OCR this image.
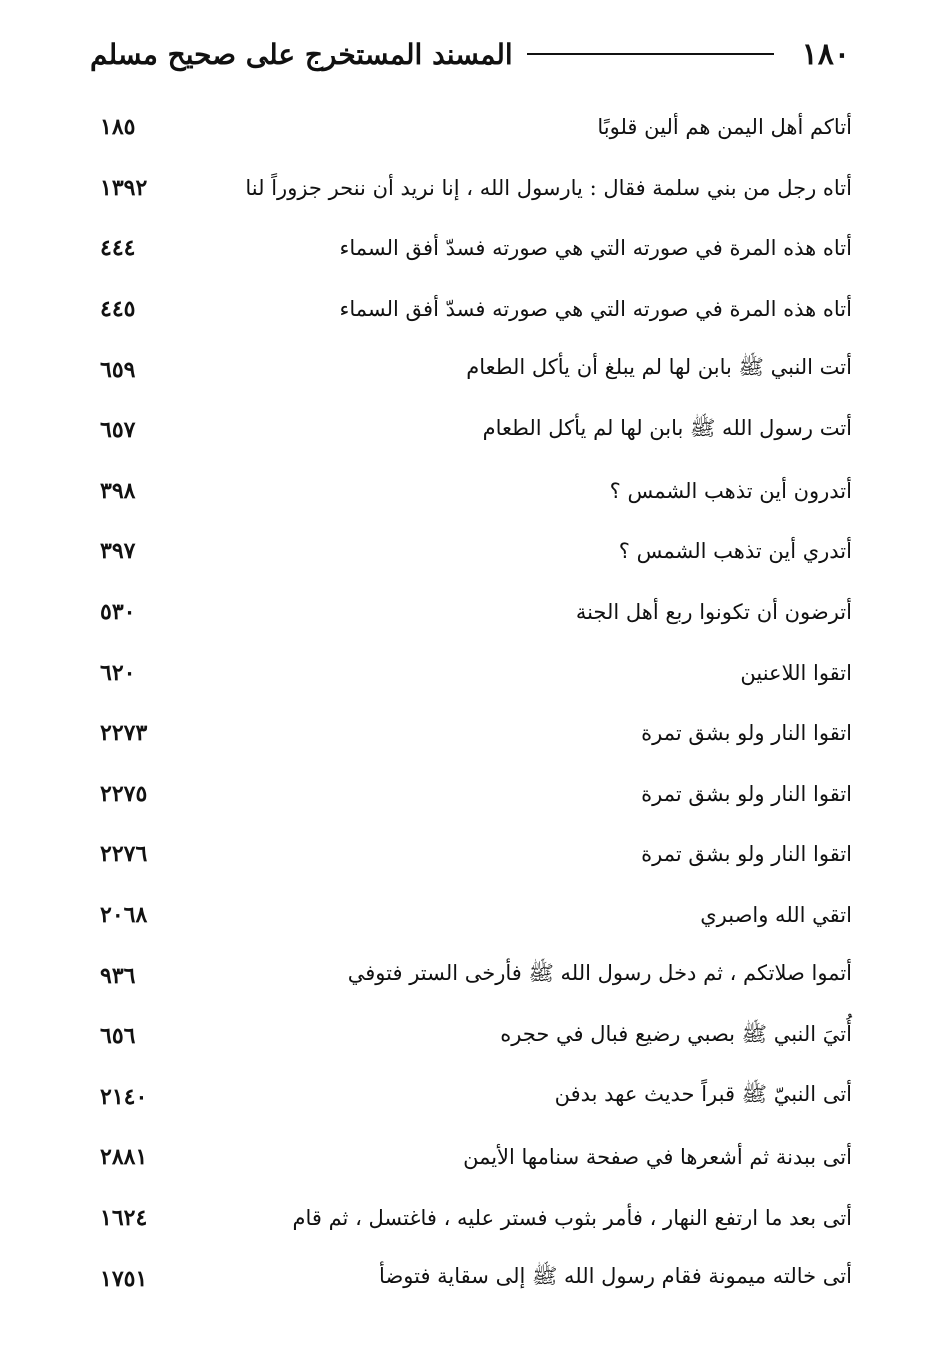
١٨٠
المسند المستخرج على صحيح مسلم
أتاكم أهل اليمن هم ألين قلوبًا
١٨٥
أتاه رجل من بني سلمة فقال : يارسول الله ، إنا نريد أن ننحر جزوراً لنا
١٣٩٢
أتاه هذه المرة في صورته التي هي صورته فسدّ أفق السماء
٤٤٤
أتاه هذه المرة في صورته التي هي صورته فسدّ أفق السماء
٤٤٥
أتت النبي ﷺ بابن لها لم يبلغ أن يأكل الطعام
٦٥٩
أتت رسول الله ﷺ بابن لها لم يأكل الطعام
٦٥٧
أتدرون أين تذهب الشمس ؟
٣٩٨
أتدري أين تذهب الشمس ؟
٣٩٧
أترضون أن تكونوا ربع أهل الجنة
٥٣٠
اتقوا اللاعنين
٦٢٠
اتقوا النار ولو بشق تمرة
٢٢٧٣
اتقوا النار ولو بشق تمرة
٢٢٧٥
اتقوا النار ولو بشق تمرة
٢٢٧٦
اتقي الله واصبري
٢٠٦٨
أتموا صلاتكم ، ثم دخل رسول الله ﷺ فأرخى الستر فتوفي
٩٣٦
أُتيَ النبي ﷺ بصبي رضيع فبال في حجره
٦٥٦
أتى النبيّ ﷺ قبراً حديث عهد بدفن
٢١٤٠
أتى ببدنة ثم أشعرها في صفحة سنامها الأيمن
٢٨٨١
أتى بعد ما ارتفع النهار ، فأمر بثوب فستر عليه ، فاغتسل ، ثم قام
١٦٢٤
أتى خالته ميمونة فقام رسول الله ﷺ إلى سقاية فتوضأ
١٧٥١
